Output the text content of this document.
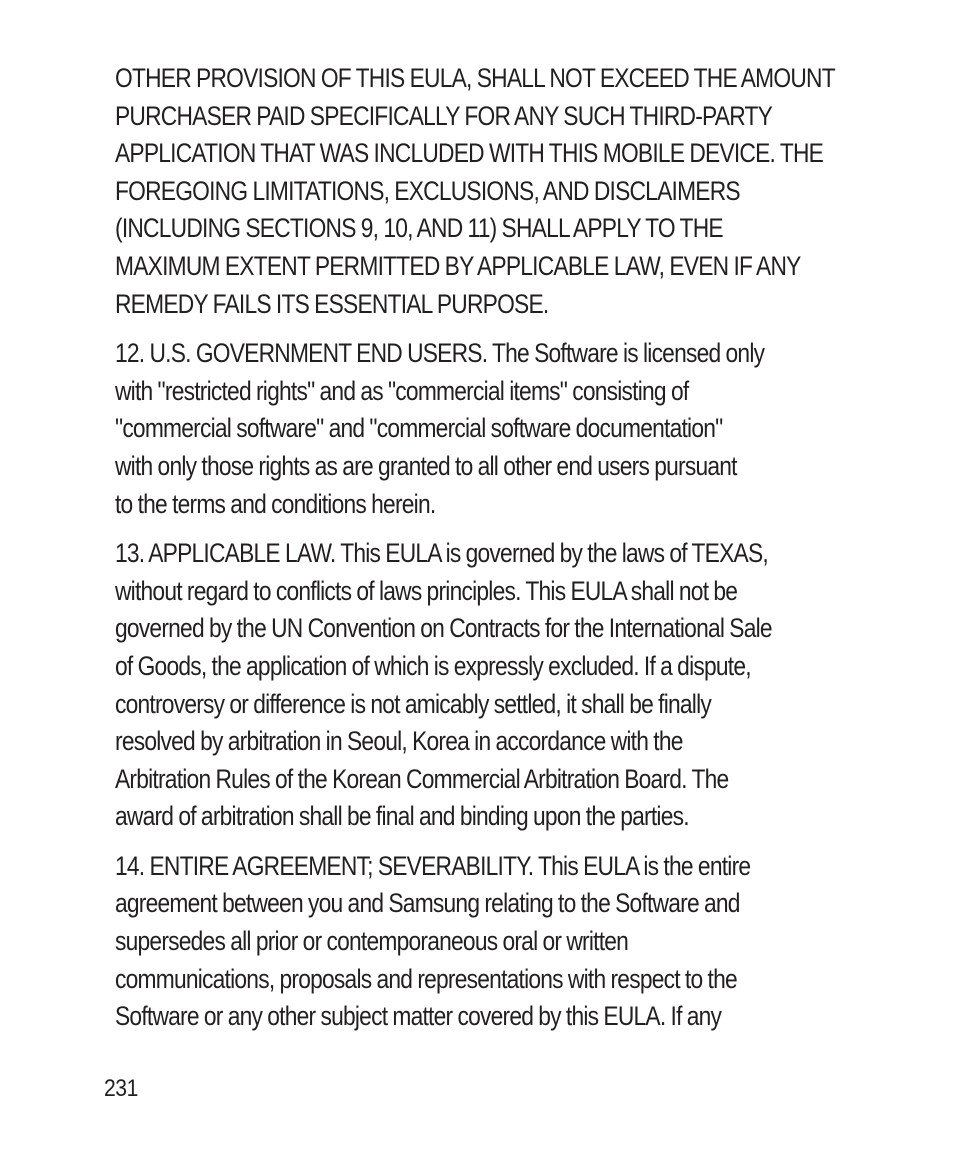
OTHER PROVISION OF THIS EULA, SHALL NOT EXCEED THE AMOUNT
PURCHASER PAID SPECIFICALLY FOR ANY SUCH THIRD-PARTY
APPLICATION THAT WAS INCLUDED WITH THIS MOBILE DEVICE. THE
FOREGOING LIMITATIONS, EXCLUSIONS, AND DISCLAIMERS
(INCLUDING SECTIONS 9, 10, AND 11) SHALL APPLY TO THE
MAXIMUM EXTENT PERMITTED BY APPLICABLE LAW, EVEN IF ANY
REMEDY FAILS ITS ESSENTIAL PURPOSE.

12. U.S. GOVERNMENT END USERS. The Software is licensed only
with "restricted rights" and as "commercial items" consisting of
"commercial software" and "commercial software documentation"
with only those rights as are granted to all other end users pursuant
to the terms and conditions herein.

13. APPLICABLE LAW. This EULA is governed by the laws of TEXAS,
without regard to conflicts of laws principles. This EULA shall not be
governed by the UN Convention on Contracts for the International Sale
of Goods, the application of which is expressly excluded. If a dispute,
controversy or difference is not amicably settled, it shall be finally
resolved by arbitration in Seoul, Korea in accordance with the
Arbitration Rules of the Korean Commercial Arbitration Board. The
award of arbitration shall be final and binding upon the parties.

14. ENTIRE AGREEMENT; SEVERABILITY. This EULA is the entire
agreement between you and Samsung relating to the Software and
supersedes all prior or contemporaneous oral or written
communications, proposals and representations with respect to the
Software or any other subject matter covered by this EULA. If any

231
